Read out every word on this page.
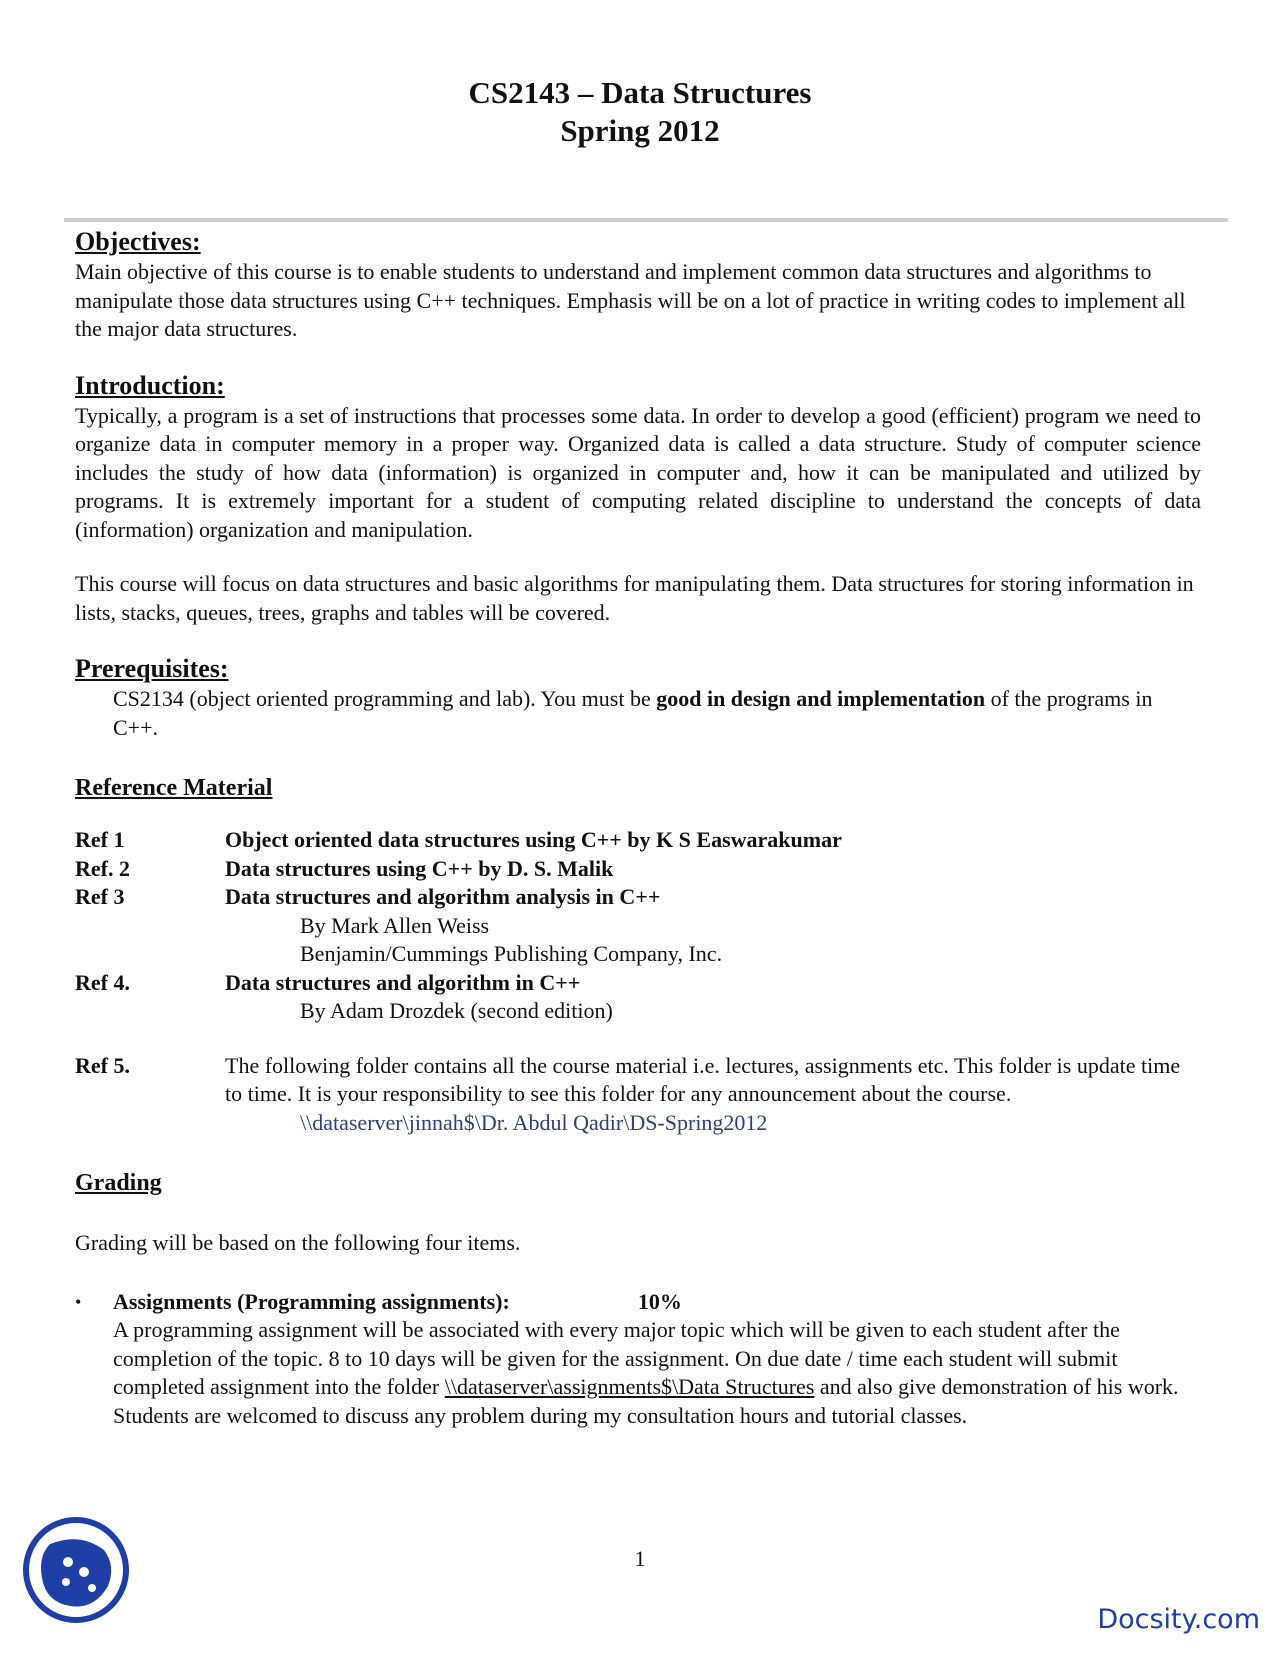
CS2143 – Data Structures
Spring 2012
Objectives:

Main objective of this course is to enable students to understand and implement common data structures and algorithms to manipulate those data structures using C++ techniques. Emphasis will be on a lot of practice in writing codes to implement all the major data structures.

Introduction:

Typically, a program is a set of instructions that processes some data. In order to develop a good (efficient) program we need to organize data in computer memory in a proper way. Organized data is called a data structure. Study of computer science includes the study of how data (information) is organized in computer and, how it can be manipulated and utilized by programs. It is extremely important for a student of computing related discipline to understand the concepts of data (information) organization and manipulation.

This course will focus on data structures and basic algorithms for manipulating them. Data structures for storing information in lists, stacks, queues, trees, graphs and tables will be covered.

Prerequisites:

CS2134 (object oriented programming and lab). You must be good in design and implementation of the programs in C++.

Reference Material
Ref 1	Object oriented data structures using C++ by K S Easwarakumar
Ref. 2	Data structures using C++ by D. S. Malik
Ref 3	Data structures and algorithm analysis in C++
By Mark Allen Weiss
Benjamin/Cummings Publishing Company, Inc.
Ref 4.	Data structures and algorithm in C++
By Adam Drozdek (second edition)
Ref 5.	The following folder contains all the course material i.e. lectures, assignments etc. This folder is update time to time. It is your responsibility to see this folder for any announcement about the course.
\\dataserver\jinnah$\Dr. Abdul Qadir\DS-Spring2012
Grading

Grading will be based on the following four items.

•	Assignments (Programming assignments):	10%

A programming assignment will be associated with every major topic which will be given to each student after the completion of the topic. 8 to 10 days will be given for the assignment. On due date / time each student will submit completed assignment into the folder \\dataserver\assignments$\Data Structures and also give demonstration of his work. Students are welcomed to discuss any problem during my consultation hours and tutorial classes.

1
Docsity.com
